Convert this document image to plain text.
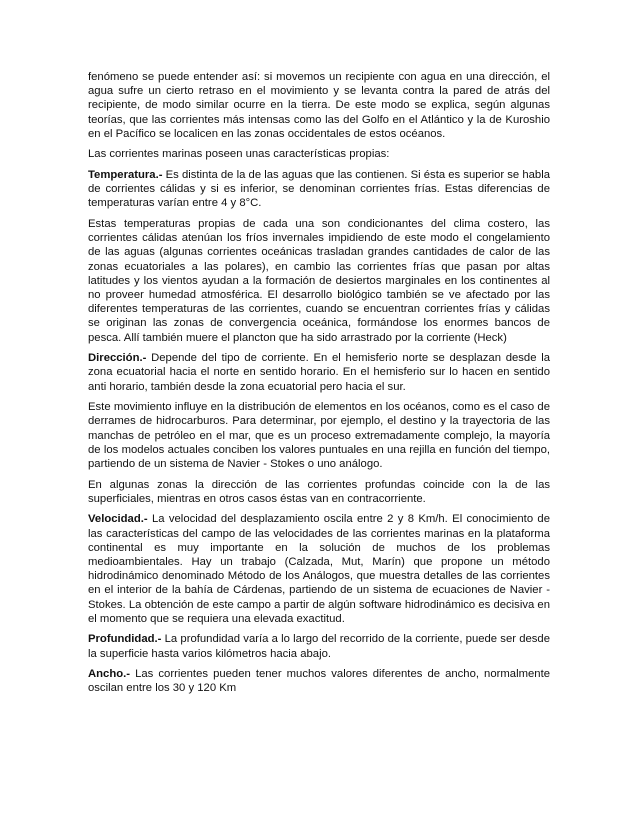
fenómeno se puede entender así: si movemos un recipiente con agua en una dirección, el agua sufre un cierto retraso en el movimiento y se levanta contra la pared de atrás del recipiente, de modo similar ocurre en la tierra. De este modo se explica, según algunas teorías, que las corrientes más intensas como las del Golfo en el Atlántico y la de Kuroshio en el Pacífico se localicen en las zonas occidentales de estos océanos.

Las corrientes marinas poseen unas características propias:

Temperatura.- Es distinta de la de las aguas que las contienen. Si ésta es superior se habla de corrientes cálidas y si es inferior, se denominan corrientes frías. Estas diferencias de temperaturas varían entre 4 y 8°C.

Estas temperaturas propias de cada una son condicionantes del clima costero, las corrientes cálidas atenúan los fríos invernales impidiendo de este modo el congelamiento de las aguas (algunas corrientes oceánicas trasladan grandes cantidades de calor de las zonas ecuatoriales a las polares), en cambio las corrientes frías que pasan por altas latitudes y los vientos ayudan a la formación de desiertos marginales en los continentes al no proveer humedad atmosférica. El desarrollo biológico también se ve afectado por las diferentes temperaturas de las corrientes, cuando se encuentran corrientes frías y cálidas se originan las zonas de convergencia oceánica, formándose los enormes bancos de pesca. Allí también muere el plancton que ha sido arrastrado por la corriente (Heck)

Dirección.- Depende del tipo de corriente. En el hemisferio norte se desplazan desde la zona ecuatorial hacia el norte en sentido horario. En el hemisferio sur lo hacen en sentido anti horario, también desde la zona ecuatorial pero hacia el sur.

Este movimiento influye en la distribución de elementos en los océanos, como es el caso de derrames de hidrocarburos. Para determinar, por ejemplo, el destino y la trayectoria de las manchas de petróleo en el mar, que es un proceso extremadamente complejo, la mayoría de los modelos actuales conciben los valores puntuales en una rejilla en función del tiempo, partiendo de un sistema de Navier - Stokes o uno análogo.

En algunas zonas la dirección de las corrientes profundas coincide con la de las superficiales, mientras en otros casos éstas van en contracorriente.

Velocidad.- La velocidad del desplazamiento oscila entre 2 y 8 Km/h. El conocimiento de las características del campo de las velocidades de las corrientes marinas en la plataforma continental es muy importante en la solución de muchos de los problemas medioambientales. Hay un trabajo (Calzada, Mut, Marín) que propone un método hidrodinámico denominado Método de los Análogos, que muestra detalles de las corrientes en el interior de la bahía de Cárdenas, partiendo de un sistema de ecuaciones de Navier - Stokes. La obtención de este campo a partir de algún software hidrodinámico es decisiva en el momento que se requiera una elevada exactitud.

Profundidad.- La profundidad varía a lo largo del recorrido de la corriente, puede ser desde la superficie hasta varios kilómetros hacia abajo.

Ancho.- Las corrientes pueden tener muchos valores diferentes de ancho, normalmente oscilan entre los 30 y 120 Km
